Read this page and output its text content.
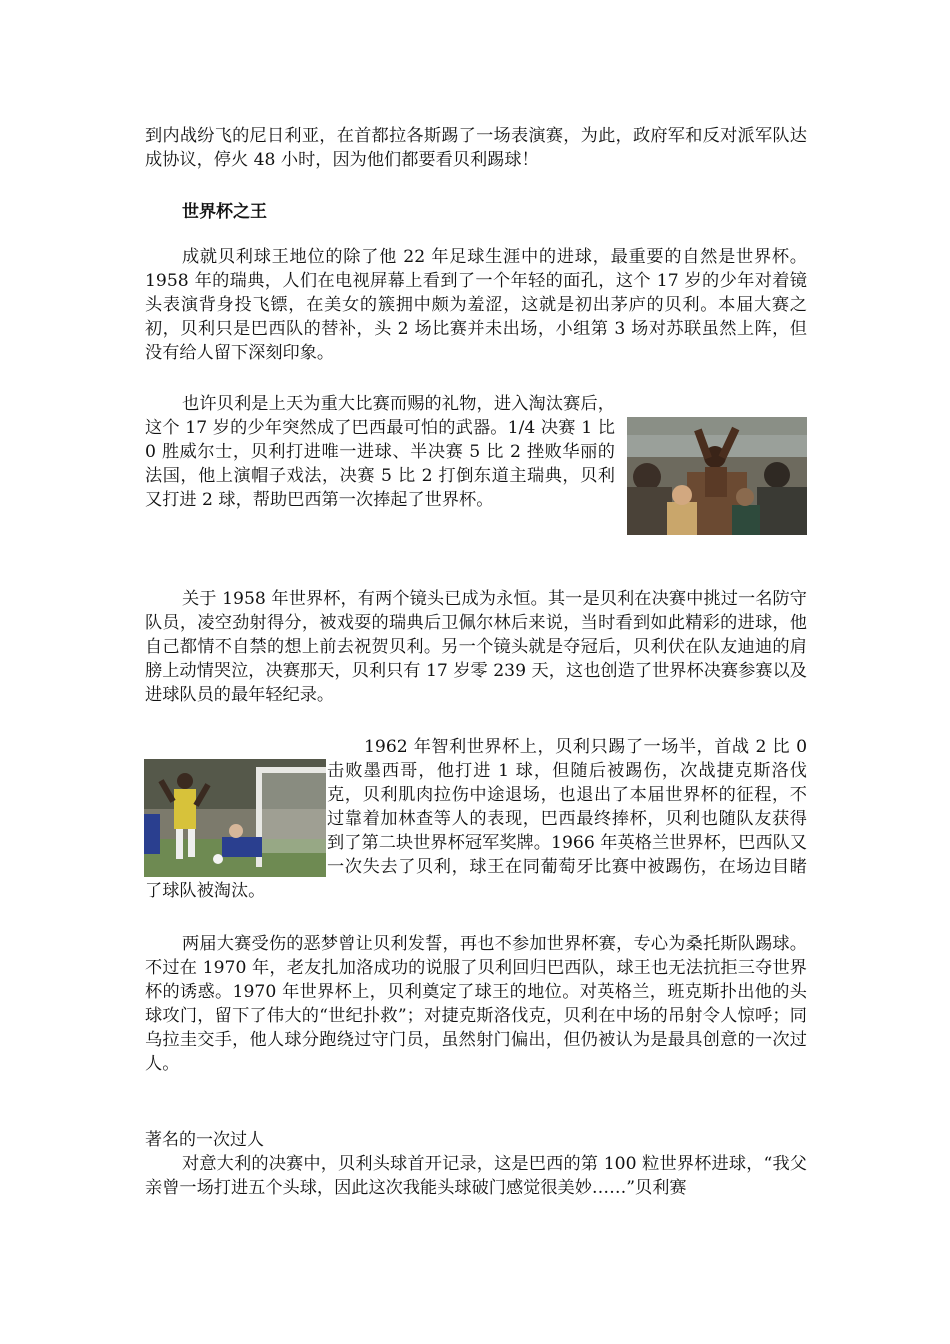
到内战纷飞的尼日利亚，在首都拉各斯踢了一场表演赛，为此，政府军和反对派军队达成协议，停火 48 小时，因为他们都要看贝利踢球！

世界杯之王

成就贝利球王地位的除了他 22 年足球生涯中的进球，最重要的自然是世界杯。1958 年的瑞典，人们在电视屏幕上看到了一个年轻的面孔，这个 17 岁的少年对着镜头表演背身投飞镖，在美女的簇拥中颇为羞涩，这就是初出茅庐的贝利。本届大赛之初，贝利只是巴西队的替补，头 2 场比赛并未出场，小组第 3 场对苏联虽然上阵，但没有给人留下深刻印象。

也许贝利是上天为重大比赛而赐的礼物，进入淘汰赛后，这个 17 岁的少年突然成了巴西最可怕的武器。1/4 决赛 1 比 0 胜威尔士，贝利打进唯一进球、半决赛 5 比 2 挫败华丽的法国，他上演帽子戏法，决赛 5 比 2 打倒东道主瑞典，贝利又打进 2 球，帮助巴西第一次捧起了世界杯。

关于 1958 年世界杯，有两个镜头已成为永恒。其一是贝利在决赛中挑过一名防守队员，凌空劲射得分，被戏耍的瑞典后卫佩尔林后来说，当时看到如此精彩的进球，他自己都情不自禁的想上前去祝贺贝利。另一个镜头就是夺冠后，贝利伏在队友迪迪的肩膀上动情哭泣，决赛那天，贝利只有 17 岁零 239 天，这也创造了世界杯决赛参赛以及进球队员的最年轻纪录。

1962 年智利世界杯上，贝利只踢了一场半，首战 2 比 0 击败墨西哥，他打进 1 球，但随后被踢伤，次战捷克斯洛伐克，贝利肌肉拉伤中途退场，也退出了本届世界杯的征程，不过靠着加林查等人的表现，巴西最终捧杯，贝利也随队友获得到了第二块世界杯冠军奖牌。1966 年英格兰世界杯，巴西队又一次失去了贝利，球王在同葡萄牙比赛中被踢伤，在场边目睹了球队被淘汰。

两届大赛受伤的恶梦曾让贝利发誓，再也不参加世界杯赛，专心为桑托斯队踢球。不过在 1970 年，老友扎加洛成功的说服了贝利回归巴西队，球王也无法抗拒三夺世界杯的诱惑。1970 年世界杯上，贝利奠定了球王的地位。对英格兰，班克斯扑出他的头球攻门，留下了伟大的“世纪扑救”；对捷克斯洛伐克，贝利在中场的吊射令人惊呼；同乌拉圭交手，他人球分跑绕过守门员，虽然射门偏出，但仍被认为是最具创意的一次过人。

著名的一次过人

对意大利的决赛中，贝利头球首开记录，这是巴西的第 100 粒世界杯进球，“我父亲曾一场打进五个头球，因此这次我能头球破门感觉很美妙……”贝利赛
